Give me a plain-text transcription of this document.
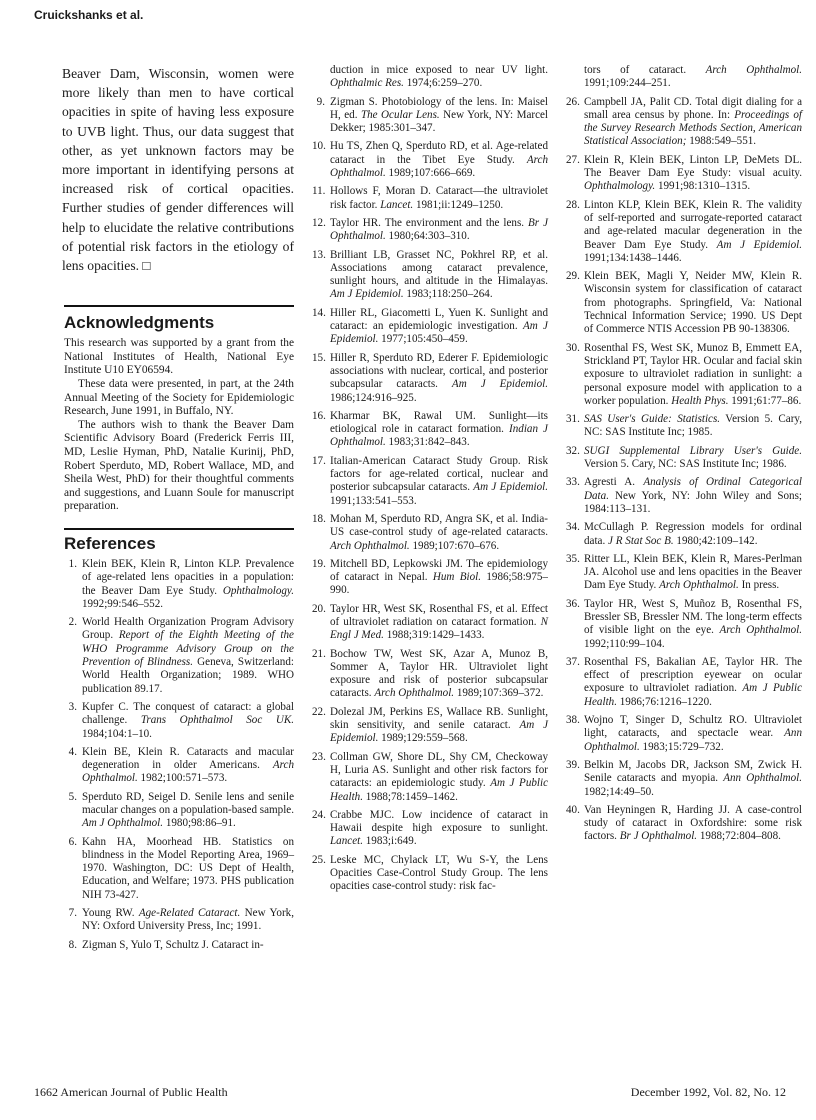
Cruickshanks et al.

Beaver Dam, Wisconsin, women were more likely than men to have cortical opacities in spite of having less exposure to UVB light. Thus, our data suggest that other, as yet unknown factors may be more important in identifying persons at increased risk of cortical opacities. Further studies of gender differences will help to elucidate the relative contributions of potential risk factors in the etiology of lens opacities. □

Acknowledgments

This research was supported by a grant from the National Institutes of Health, National Eye Institute U10 EY06594.

These data were presented, in part, at the 24th Annual Meeting of the Society for Epidemiologic Research, June 1991, in Buffalo, NY.

The authors wish to thank the Beaver Dam Scientific Advisory Board (Frederick Ferris III, MD, Leslie Hyman, PhD, Natalie Kurinij, PhD, Robert Sperduto, MD, Robert Wallace, MD, and Sheila West, PhD) for their thoughtful comments and suggestions, and Luann Soule for manuscript preparation.

References
1. Klein BEK, Klein R, Linton KLP. Prevalence of age-related lens opacities in a population: the Beaver Dam Eye Study. Ophthalmology. 1992;99:546–552.
2. World Health Organization Program Advisory Group. Report of the Eighth Meeting of the WHO Programme Advisory Group on the Prevention of Blindness. Geneva, Switzerland: World Health Organization; 1989. WHO publication 89.17.
3. Kupfer C. The conquest of cataract: a global challenge. Trans Ophthalmol Soc UK. 1984;104:1–10.
4. Klein BE, Klein R. Cataracts and macular degeneration in older Americans. Arch Ophthalmol. 1982;100:571–573.
5. Sperduto RD, Seigel D. Senile lens and senile macular changes on a population-based sample. Am J Ophthalmol. 1980;98:86–91.
6. Kahn HA, Moorhead HB. Statistics on blindness in the Model Reporting Area, 1969–1970. Washington, DC: US Dept of Health, Education, and Welfare; 1973. PHS publication NIH 73-427.
7. Young RW. Age-Related Cataract. New York, NY: Oxford University Press, Inc; 1991.
8. Zigman S, Yulo T, Schultz J. Cataract in-
duction in mice exposed to near UV light. Ophthalmic Res. 1974;6:259–270.
9. Zigman S. Photobiology of the lens. In: Maisel H, ed. The Ocular Lens. New York, NY: Marcel Dekker; 1985:301–347.
10. Hu TS, Zhen Q, Sperduto RD, et al. Age-related cataract in the Tibet Eye Study. Arch Ophthalmol. 1989;107:666–669.
11. Hollows F, Moran D. Cataract—the ultraviolet risk factor. Lancet. 1981;ii:1249–1250.
12. Taylor HR. The environment and the lens. Br J Ophthalmol. 1980;64:303–310.
13. Brilliant LB, Grasset NC, Pokhrel RP, et al. Associations among cataract prevalence, sunlight hours, and altitude in the Himalayas. Am J Epidemiol. 1983;118:250–264.
14. Hiller RL, Giacometti L, Yuen K. Sunlight and cataract: an epidemiologic investigation. Am J Epidemiol. 1977;105:450–459.
15. Hiller R, Sperduto RD, Ederer F. Epidemiologic associations with nuclear, cortical, and posterior subcapsular cataracts. Am J Epidemiol. 1986;124:916–925.
16. Kharmar BK, Rawal UM. Sunlight—its etiological role in cataract formation. Indian J Ophthalmol. 1983;31:842–843.
17. Italian-American Cataract Study Group. Risk factors for age-related cortical, nuclear and posterior subcapsular cataracts. Am J Epidemiol. 1991;133:541–553.
18. Mohan M, Sperduto RD, Angra SK, et al. India-US case-control study of age-related cataracts. Arch Ophthalmol. 1989;107:670–676.
19. Mitchell BD, Lepkowski JM. The epidemiology of cataract in Nepal. Hum Biol. 1986;58:975–990.
20. Taylor HR, West SK, Rosenthal FS, et al. Effect of ultraviolet radiation on cataract formation. N Engl J Med. 1988;319:1429–1433.
21. Bochow TW, West SK, Azar A, Munoz B, Sommer A, Taylor HR. Ultraviolet light exposure and risk of posterior subcapsular cataracts. Arch Ophthalmol. 1989;107:369–372.
22. Dolezal JM, Perkins ES, Wallace RB. Sunlight, skin sensitivity, and senile cataract. Am J Epidemiol. 1989;129:559–568.
23. Collman GW, Shore DL, Shy CM, Checkoway H, Luria AS. Sunlight and other risk factors for cataracts: an epidemiologic study. Am J Public Health. 1988;78:1459–1462.
24. Crabbe MJC. Low incidence of cataract in Hawaii despite high exposure to sunlight. Lancet. 1983;i:649.
25. Leske MC, Chylack LT, Wu S-Y, the Lens Opacities Case-Control Study Group. The lens opacities case-control study: risk fac-
tors of cataract. Arch Ophthalmol. 1991;109:244–251.
26. Campbell JA, Palit CD. Total digit dialing for a small area census by phone. In: Proceedings of the Survey Research Methods Section, American Statistical Association; 1988:549–551.
27. Klein R, Klein BEK, Linton LP, DeMets DL. The Beaver Dam Eye Study: visual acuity. Ophthalmology. 1991;98:1310–1315.
28. Linton KLP, Klein BEK, Klein R. The validity of self-reported and surrogate-reported cataract and age-related macular degeneration in the Beaver Dam Eye Study. Am J Epidemiol. 1991;134:1438–1446.
29. Klein BEK, Magli Y, Neider MW, Klein R. Wisconsin system for classification of cataract from photographs. Springfield, Va: National Technical Information Service; 1990. US Dept of Commerce NTIS Accession PB 90-138306.
30. Rosenthal FS, West SK, Munoz B, Emmett EA, Strickland PT, Taylor HR. Ocular and facial skin exposure to ultraviolet radiation in sunlight: a personal exposure model with application to a worker population. Health Phys. 1991;61:77–86.
31. SAS User's Guide: Statistics. Version 5. Cary, NC: SAS Institute Inc; 1985.
32. SUGI Supplemental Library User's Guide. Version 5. Cary, NC: SAS Institute Inc; 1986.
33. Agresti A. Analysis of Ordinal Categorical Data. New York, NY: John Wiley and Sons; 1984:113–131.
34. McCullagh P. Regression models for ordinal data. J R Stat Soc B. 1980;42:109–142.
35. Ritter LL, Klein BEK, Klein R, Mares-Perlman JA. Alcohol use and lens opacities in the Beaver Dam Eye Study. Arch Ophthalmol. In press.
36. Taylor HR, West S, Muñoz B, Rosenthal FS, Bressler SB, Bressler NM. The long-term effects of visible light on the eye. Arch Ophthalmol. 1992;110:99–104.
37. Rosenthal FS, Bakalian AE, Taylor HR. The effect of prescription eyewear on ocular exposure to ultraviolet radiation. Am J Public Health. 1986;76:1216–1220.
38. Wojno T, Singer D, Schultz RO. Ultraviolet light, cataracts, and spectacle wear. Ann Ophthalmol. 1983;15:729–732.
39. Belkin M, Jacobs DR, Jackson SM, Zwick H. Senile cataracts and myopia. Ann Ophthalmol. 1982;14:49–50.
40. Van Heyningen R, Harding JJ. A case-control study of cataract in Oxfordshire: some risk factors. Br J Ophthalmol. 1988;72:804–808.
1662 American Journal of Public Health	December 1992, Vol. 82, No. 12
